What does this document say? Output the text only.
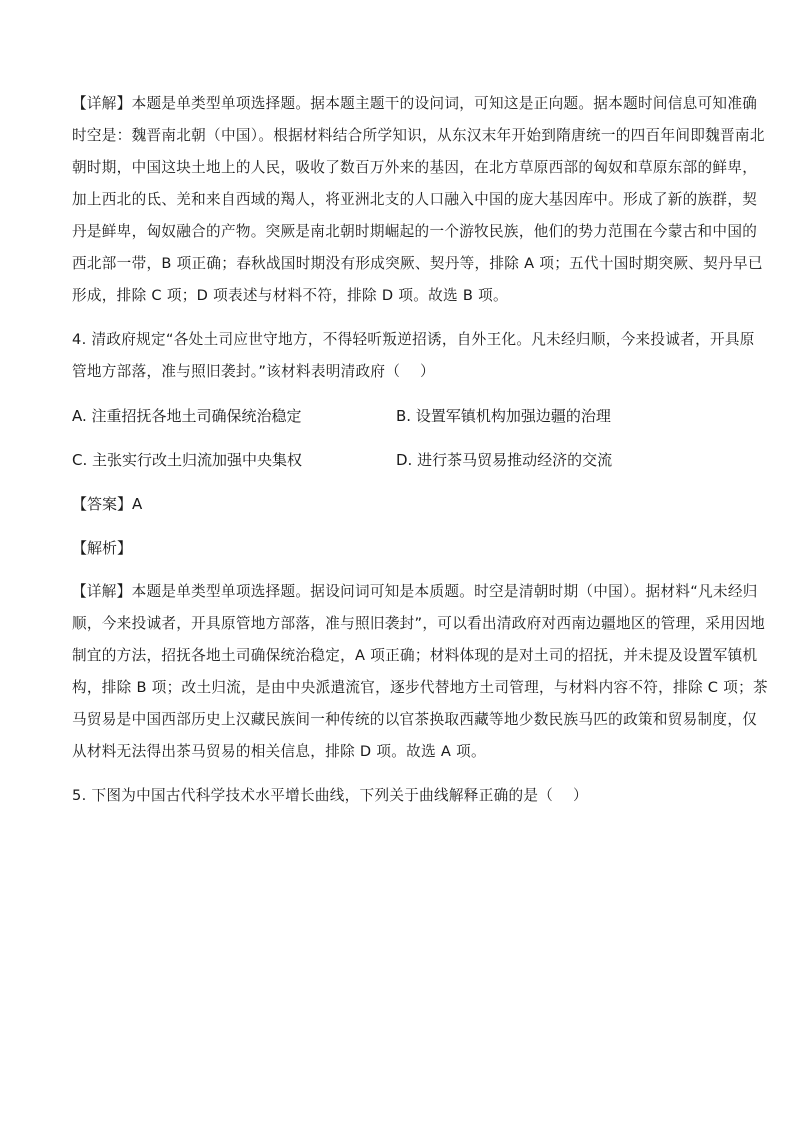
【详解】本题是单类型单项选择题。据本题主题干的设问词，可知这是正向题。据本题时间信息可知准确
时空是：魏晋南北朝（中国）。根据材料结合所学知识，从东汉末年开始到隋唐统一的四百年间即魏晋南北
朝时期，中国这块土地上的人民，吸收了数百万外来的基因，在北方草原西部的匈奴和草原东部的鲜卑，
加上西北的氐、羌和来自西域的羯人，将亚洲北支的人口融入中国的庞大基因库中。形成了新的族群，契
丹是鲜卑，匈奴融合的产物。突厥是南北朝时期崛起的一个游牧民族，他们的势力范围在今蒙古和中国的
西北部一带，B 项正确；春秋战国时期没有形成突厥、契丹等，排除 A 项；五代十国时期突厥、契丹早已
形成，排除 C 项；D 项表述与材料不符，排除 D 项。故选 B 项。

4. 清政府规定“各处土司应世守地方，不得轻听叛逆招诱，自外王化。凡未经归顺，今来投诚者，开具原
管地方部落，准与照旧袭封。”该材料表明清政府（　 ）

A. 注重招抚各地土司确保统治稳定	B. 设置军镇机构加强边疆的治理
C. 主张实行改土归流加强中央集权	D. 进行茶马贸易推动经济的交流

【答案】A

【解析】

【详解】本题是单类型单项选择题。据设问词可知是本质题。时空是清朝时期（中国）。据材料“凡未经归
顺，今来投诚者，开具原管地方部落，准与照旧袭封”，可以看出清政府对西南边疆地区的管理，采用因地
制宜的方法，招抚各地土司确保统治稳定，A 项正确；材料体现的是对土司的招抚，并未提及设置军镇机
构，排除 B 项；改土归流，是由中央派遣流官，逐步代替地方土司管理，与材料内容不符，排除 C 项；茶
马贸易是中国西部历史上汉藏民族间一种传统的以官茶换取西藏等地少数民族马匹的政策和贸易制度，仅
从材料无法得出茶马贸易的相关信息，排除 D 项。故选 A 项。

5. 下图为中国古代科学技术水平增长曲线，下列关于曲线解释正确的是（　 ）
